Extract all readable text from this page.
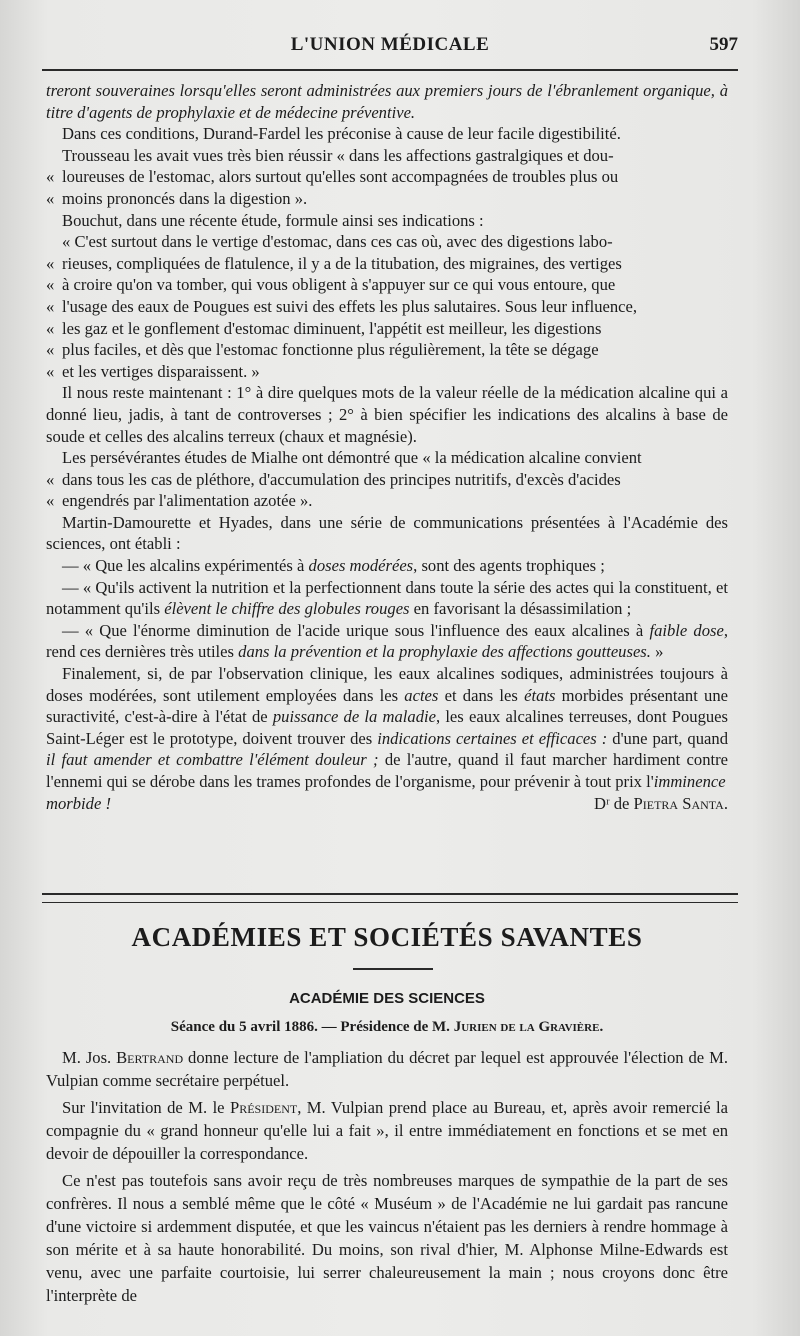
L'UNION MÉDICALE	597

treront souveraines lorsqu'elles seront administrées aux premiers jours de l'ébranlement organique, à titre d'agents de prophylaxie et de médecine préventive.

Dans ces conditions, Durand-Fardel les préconise à cause de leur facile digestibilité.

Trousseau les avait vues très bien réussir « dans les affections gastralgiques et dou-

« loureuses de l'estomac, alors surtout qu'elles sont accompagnées de troubles plus ou

« moins prononcés dans la digestion ».

Bouchut, dans une récente étude, formule ainsi ses indications :

« C'est surtout dans le vertige d'estomac, dans ces cas où, avec des digestions labo-

« rieuses, compliquées de flatulence, il y a de la titubation, des migraines, des vertiges

« à croire qu'on va tomber, qui vous obligent à s'appuyer sur ce qui vous entoure, que

« l'usage des eaux de Pougues est suivi des effets les plus salutaires. Sous leur influence,

« les gaz et le gonflement d'estomac diminuent, l'appétit est meilleur, les digestions

« plus faciles, et dès que l'estomac fonctionne plus régulièrement, la tête se dégage

« et les vertiges disparaissent. »

Il nous reste maintenant : 1° à dire quelques mots de la valeur réelle de la médication alcaline qui a donné lieu, jadis, à tant de controverses ; 2° à bien spécifier les indications des alcalins à base de soude et celles des alcalins terreux (chaux et magnésie).

Les persévérantes études de Mialhe ont démontré que « la médication alcaline convient

« dans tous les cas de pléthore, d'accumulation des principes nutritifs, d'excès d'acides

« engendrés par l'alimentation azotée ».

Martin-Damourette et Hyades, dans une série de communications présentées à l'Académie des sciences, ont établi :

— « Que les alcalins expérimentés à doses modérées, sont des agents trophiques ;

— « Qu'ils activent la nutrition et la perfectionnent dans toute la série des actes qui la constituent, et notamment qu'ils élèvent le chiffre des globules rouges en favorisant la désassimilation ;

— « Que l'énorme diminution de l'acide urique sous l'influence des eaux alcalines à faible dose, rend ces dernières très utiles dans la prévention et la prophylaxie des affections goutteuses. »

Finalement, si, de par l'observation clinique, les eaux alcalines sodiques, administrées toujours à doses modérées, sont utilement employées dans les actes et dans les états morbides présentant une suractivité, c'est-à-dire à l'état de puissance de la maladie, les eaux alcalines terreuses, dont Pougues Saint-Léger est le prototype, doivent trouver des indications certaines et efficaces : d'une part, quand il faut amender et combattre l'élément douleur ; de l'autre, quand il faut marcher hardiment contre l'ennemi qui se dérobe dans les trames profondes de l'organisme, pour prévenir à tout prix l'imminence

morbide !	Dʳ de Pietra Santa.

ACADÉMIES ET SOCIÉTÉS SAVANTES
ACADÉMIE DES SCIENCES
Séance du 5 avril 1886. — Présidence de M. Jurien de la Gravière.

M. Jos. Bertrand donne lecture de l'ampliation du décret par lequel est approuvée l'élection de M. Vulpian comme secrétaire perpétuel.

Sur l'invitation de M. le Président, M. Vulpian prend place au Bureau, et, après avoir remercié la compagnie du « grand honneur qu'elle lui a fait », il entre immédiatement en fonctions et se met en devoir de dépouiller la correspondance.

Ce n'est pas toutefois sans avoir reçu de très nombreuses marques de sympathie de la part de ses confrères. Il nous a semblé même que le côté « Muséum » de l'Académie ne lui gardait pas rancune d'une victoire si ardemment disputée, et que les vaincus n'étaient pas les derniers à rendre hommage à son mérite et à sa haute honorabilité. Du moins, son rival d'hier, M. Alphonse Milne-Edwards est venu, avec une parfaite courtoisie, lui serrer chaleureusement la main ; nous croyons donc être l'interprète de
